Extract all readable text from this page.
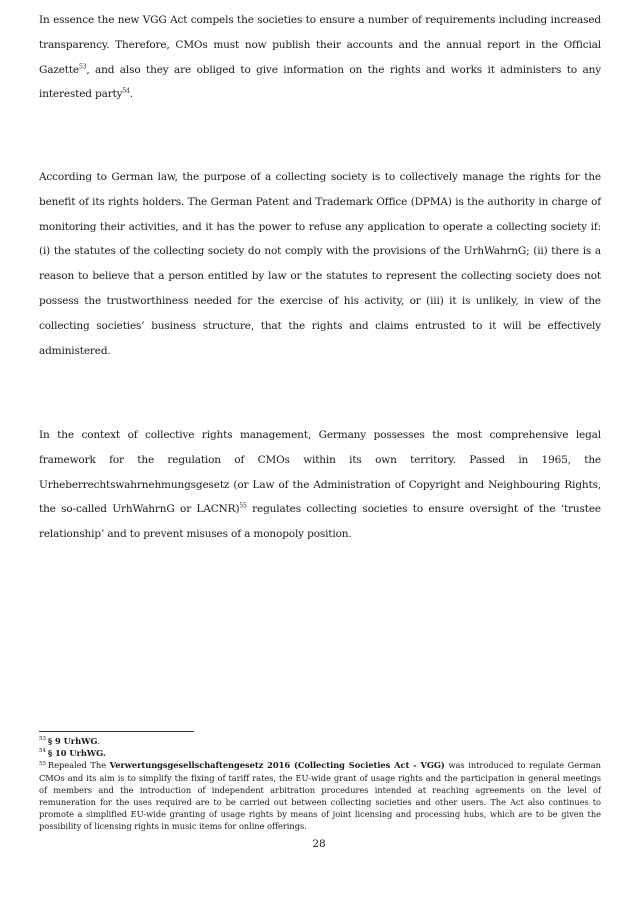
In essence the new VGG Act compels the societies to ensure a number of requirements including increased transparency. Therefore, CMOs must now publish their accounts and the annual report in the Official Gazette$^{53}$, and also they are obliged to give information on the rights and works it administers to any interested party$^{54}$.

According to German law, the purpose of a collecting society is to collectively manage the rights for the benefit of its rights holders. The German Patent and Trademark Office (DPMA) is the authority in charge of monitoring their activities, and it has the power to refuse any application to operate a collecting society if: (i) the statutes of the collecting society do not comply with the provisions of the UrhWahrnG; (ii) there is a reason to believe that a person entitled by law or the statutes to represent the collecting society does not possess the trustworthiness needed for the exercise of his activity, or (iii) it is unlikely, in view of the collecting societies’ business structure, that the rights and claims entrusted to it will be effectively administered.

In the context of collective rights management, Germany possesses the most comprehensive legal framework for the regulation of CMOs within its own territory. Passed in 1965, the Urheberrechtswahrnehmungsgesetz (or Law of the Administration of Copyright and Neighbouring Rights, the so-called UrhWahrnG or LACNR)$^{55}$ regulates collecting societies to ensure oversight of the ‘trustee relationship’ and to prevent misuses of a monopoly position.

$^{53}$ § 9 UrhWG.

$^{54}$ § 10 UrhWG.

$^{55}$ Repealed The Verwertungsgesellschaftengesetz 2016 (Collecting Societies Act - VGG) was introduced to regulate German CMOs and its aim is to simplify the fixing of tariff rates, the EU-wide grant of usage rights and the participation in general meetings of members and the introduction of independent arbitration procedures intended at reaching agreements on the level of remuneration for the uses required are to be carried out between collecting societies and other users. The Act also continues to promote a simplified EU-wide granting of usage rights by means of joint licensing and processing hubs, which are to be given the possibility of licensing rights in music items for online offerings.

28
